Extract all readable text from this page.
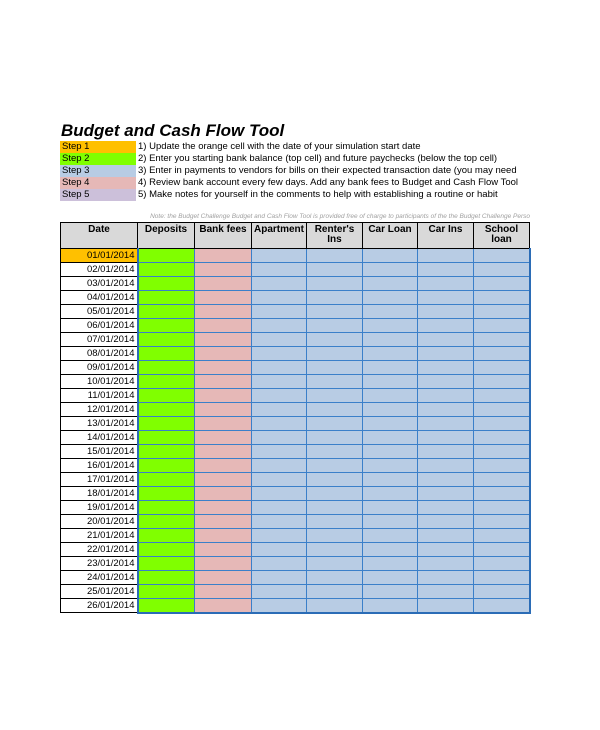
Budget and Cash Flow Tool
Step 1	1) Update the orange cell with the date of your simulation start date
Step 2	2) Enter you starting bank balance (top cell) and future paychecks (below the top cell)
Step 3	3) Enter in payments to vendors for bills on their expected transaction date (you may need
Step 4	4) Review bank account every few days. Add any bank fees to Budget and Cash Flow Tool
Step 5	5) Make notes for yourself in the comments to help with establishing a routine or habit
Note: the Budget Challenge Budget and Cash Flow Tool is provided free of charge to participants of the the Budget Challenge Perso
Date	Deposits	Bank fees	Apartment	Renter's Ins	Car Loan	Car Ins	School loan
01/01/2014							
02/01/2014							
03/01/2014							
04/01/2014							
05/01/2014							
06/01/2014							
07/01/2014							
08/01/2014							
09/01/2014							
10/01/2014							
11/01/2014							
12/01/2014							
13/01/2014							
14/01/2014							
15/01/2014							
16/01/2014							
17/01/2014							
18/01/2014							
19/01/2014							
20/01/2014							
21/01/2014							
22/01/2014							
23/01/2014							
24/01/2014							
25/01/2014							
26/01/2014							
